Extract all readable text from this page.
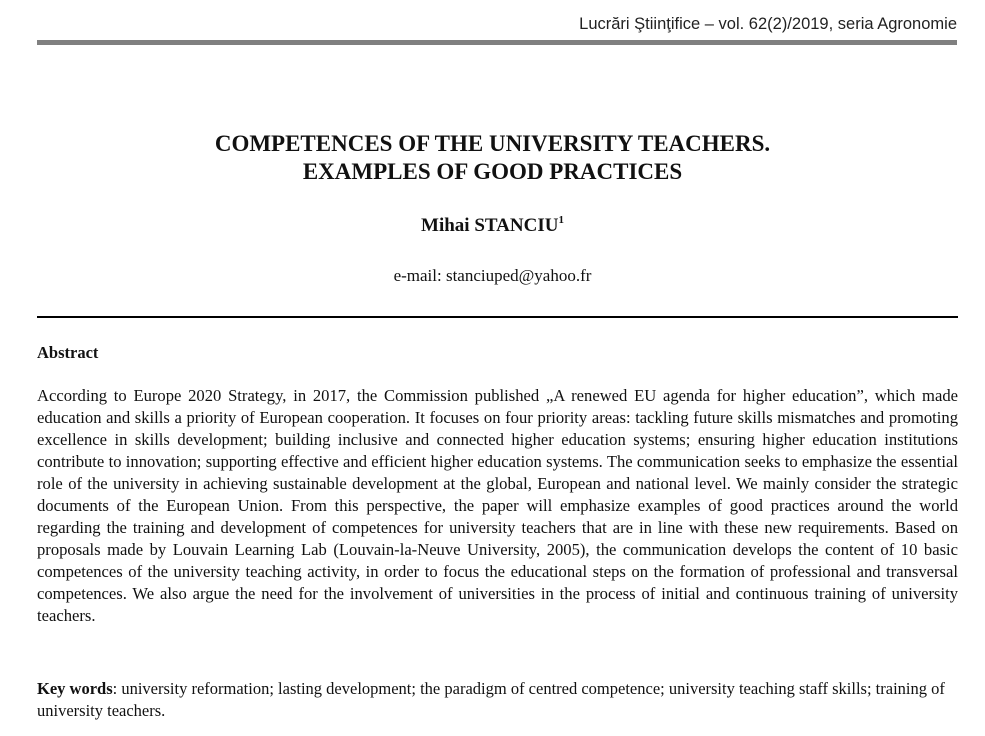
Lucrări Ştiinţifice – vol. 62(2)/2019, seria Agronomie
COMPETENCES OF THE UNIVERSITY TEACHERS.
EXAMPLES OF GOOD PRACTICES
Mihai STANCIU$^1$
e-mail: stanciuped@yahoo.fr
Abstract
According to Europe 2020 Strategy, in 2017, the Commission published „A renewed EU agenda for higher education”, which made education and skills a priority of European cooperation. It focuses on four priority areas: tackling future skills mismatches and promoting excellence in skills development; building inclusive and connected higher education systems; ensuring higher education institutions contribute to innovation; supporting effective and efficient higher education systems. The communication seeks to emphasize the essential role of the university in achieving sustainable development at the global, European and national level. We mainly consider the strategic documents of the European Union. From this perspective, the paper will emphasize examples of good practices around the world regarding the training and development of competences for university teachers that are in line with these new requirements. Based on proposals made by Louvain Learning Lab (Louvain-la-Neuve University, 2005), the communication develops the content of 10 basic competences of the university teaching activity, in order to focus the educational steps on the formation of professional and transversal competences. We also argue the need for the involvement of universities in the process of initial and continuous training of university teachers.
Key words: university reformation; lasting development; the paradigm of centred competence; university teaching staff skills; training of university teachers.
